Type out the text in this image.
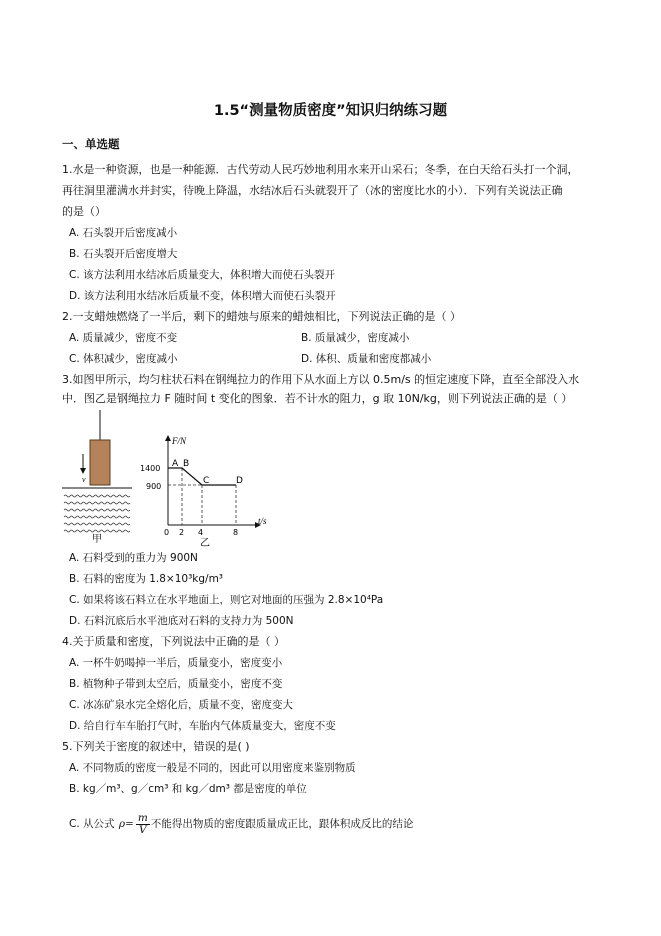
1.5“测量物质密度”知识归纳练习题
一、单选题
1.水是一种资源，也是一种能源．古代劳动人民巧妙地利用水来开山采石；冬季，在白天给石头打一个洞，
再往洞里灌满水并封实，待晚上降温，水结冰后石头就裂开了（冰的密度比水的小）．下列有关说法正确
的是（）
A. 石头裂开后密度减小
B. 石头裂开后密度增大
C. 该方法利用水结冰后质量变大，体积增大而使石头裂开
D. 该方法利用水结冰后质量不变，体积增大而使石头裂开
2.一支蜡烛燃烧了一半后，剩下的蜡烛与原来的蜡烛相比，下列说法正确的是（ ）
A. 质量减少，密度不变	B. 质量减少，密度减小
C. 体积减少，密度减小	D. 体积、质量和密度都减小
3.如图甲所示，均匀柱状石料在钢绳拉力的作用下从水面上方以 0.5m/s 的恒定速度下降，直至全部没入水
中．图乙是钢绳拉力 F 随时间 t 变化的图象．若不计水的阻力，g 取 10N/kg，则下列说法正确的是（ ）
v
甲
F/N
t/s
1400
900
0 2 4	8
A B
C	D
乙
A. 石料受到的重力为 900N
B. 石料的密度为 1.8×10³kg/m³
C. 如果将该石料立在水平地面上，则它对地面的压强为 2.8×10⁴Pa
D. 石料沉底后水平池底对石料的支持力为 500N
4.关于质量和密度，下列说法中正确的是（ ）
A. 一杯牛奶喝掉一半后，质量变小，密度变小
B. 植物种子带到太空后，质量变小，密度不变
C. 冰冻矿泉水完全熔化后，质量不变，密度变大
D. 给自行车车胎打气时，车胎内气体质量变大，密度不变
5.下列关于密度的叙述中，错误的是( )
A. 不同物质的密度一般是不同的，因此可以用密度来鉴别物质
B. kg／m³、g／cm³ 和 kg／dm³ 都是密度的单位
C. 从公式 $\rho= \frac{m}{V}$ 不能得出物质的密度跟质量成正比，跟体积成反比的结论
